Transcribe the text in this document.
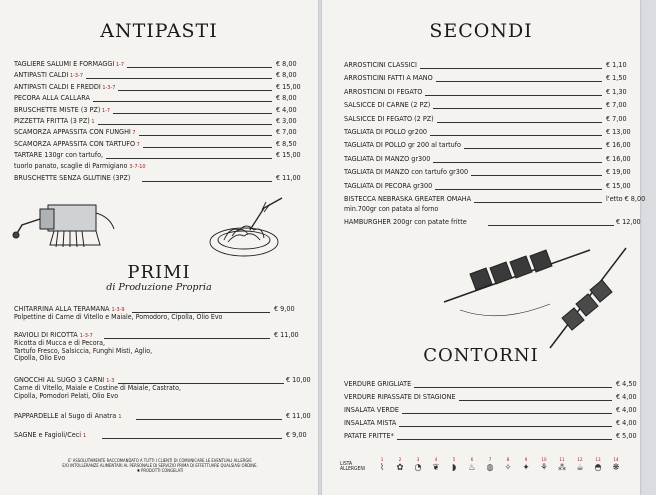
ANTIPASTI
TAGLIERE SALUMI E FORMAGGI 1-7	€ 8,00
ANTIPASTI CALDI 1-3-7	€ 8,00
ANTIPASTI CALDI E FREDDI 1-3-7	€ 15,00
PECORA ALLA CALLARA	€ 8,00
BRUSCHETTE MISTE (3 PZ) 1-7	€ 4,00
PIZZETTA FRITTA (3 PZ) 1	€ 3,00
SCAMORZA APPASSITA CON FUNGHI 7	€ 7,00
SCAMORZA APPASSITA CON TARTUFO 7	€ 8,50
TARTARE 130gr con tartufo,	€ 15,00
tuorlo panato, scaglie di Parmigiano 3-7-10
BRUSCHETTE SENZA GLUTINE (3PZ)	€ 11,00
PRIMI
di Produzione Propria
CHITARRINA ALLA TERAMANA 1-3-9	€ 9,00
Polpettine di Carne di Vitello e Maiale, Pomodoro, Cipolla, Olio Evo
RAVIOLI DI RICOTTA 1-3-7	€ 11,00
Ricotta di Mucca e di Pecora,
Tartufo Fresco, Salsiccia, Funghi Misti, Aglio,
Cipolla, Olio Evo
GNOCCHI AL SUGO 3 CARNI 1-3	€ 10,00
Carne di Vitello, Maiale e Costine di Maiale, Castrato,
Cipolla, Pomodori Pelati, Olio Evo
PAPPARDELLE al Sugo di Anatra 1	€ 11,00
SAGNE e Fagioli/Ceci 1	€ 9,00
E' ASSOLUTAMENTE RACCOMANDATO A TUTTI I CLIENTI DI COMUNICARE LE EVENTUALI ALLERGIE
E/O INTOLLERANZE ALIMENTARI AL PERSONALE DI SERVIZIO PRIMA DI EFFETTUARE QUALSIASI ORDINE.
✱ PRODOTTI CONGELATI
SECONDI
ARROSTICINI CLASSICI	€ 1,10
ARROSTICINI FATTI A MANO	€ 1,50
ARROSTICINI DI FEGATO	€ 1,30
SALSICCE DI CARNE (2 PZ)	€ 7,00
SALSICCE DI FEGATO (2 PZ)	€ 7,00
TAGLIATA DI POLLO gr200	€ 13,00
TAGLIATA DI POLLO gr 200 al tartufo	€ 16,00
TAGLIATA DI MANZO gr300	€ 16,00
TAGLIATA DI MANZO con tartufo gr300	€ 19,00
TAGLIATA DI PECORA gr300	€ 15,00
BISTECCA NEBRASKA GREATER OMAHA	l'etto € 8,00
min.700gr con patata al forno
HAMBURGHER 200gr con patate fritte	€ 12,00
CONTORNI
VERDURE GRIGLIATE	€ 4,50
VERDURE RIPASSATE DI STAGIONE	€ 4,00
INSALATA VERDE	€ 4,00
INSALATA MISTA	€ 4,00
PATATE FRITTE*	€ 5,00
LISTA
ALLERGENI
1
⌇
2
✿
3
◔
4
❦
5
◗
6
♨
7
◍
8
✧
9
✦
10
⚘
11
⁂
12
☕
13
◓
14
❋
